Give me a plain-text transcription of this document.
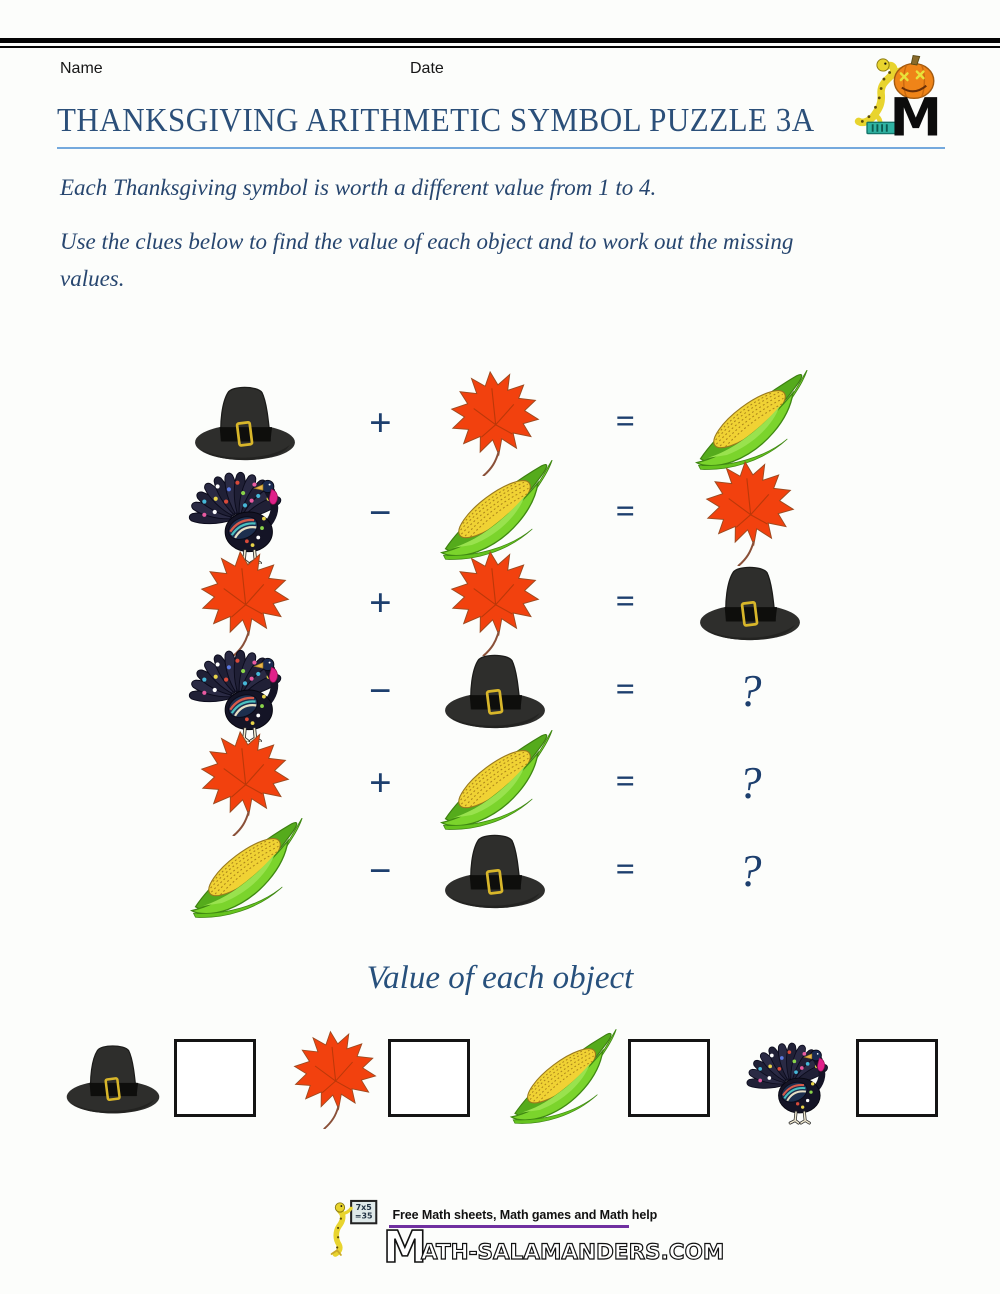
Name	Date
THANKSGIVING ARITHMETIC SYMBOL PUZZLE 3A M

Each Thanksgiving symbol is worth a different value from 1 to 4.

Use the clues below to find the value of each object and to work out the missing values.

+	=
−	=
+	=
−	= ?
+	= ?
−	= ?
Value of each object
7x5
=35	Free Math sheets, Math games and Math help
M
ATH-SALAMANDERS.COM
